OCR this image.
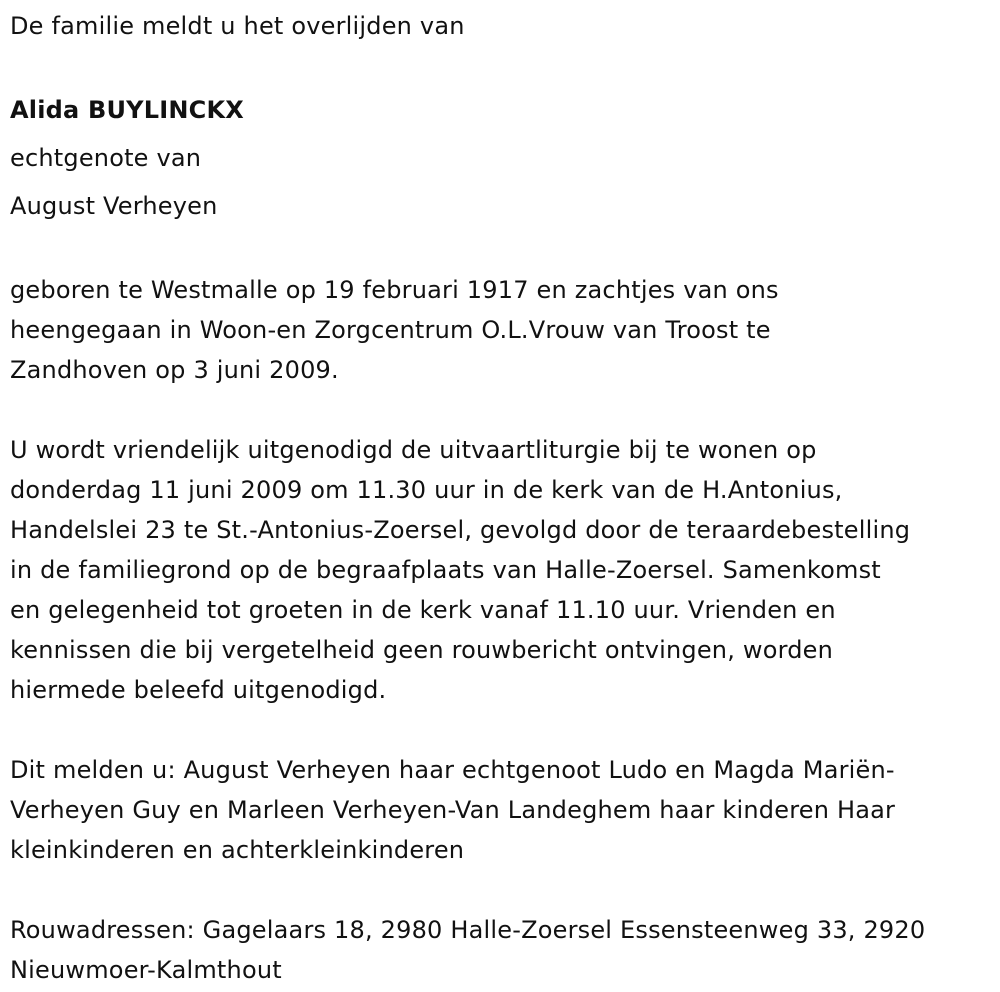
De familie meldt u het overlijden van

Alida BUYLINCKX

echtgenote van

August Verheyen

geboren te Westmalle op 19 februari 1917 en zachtjes van ons

heengegaan in Woon-en Zorgcentrum O.L.Vrouw van Troost te

Zandhoven op 3 juni 2009.

U wordt vriendelijk uitgenodigd de uitvaartliturgie bij te wonen op

donderdag 11 juni 2009 om 11.30 uur in de kerk van de H.Antonius,

Handelslei 23 te St.-Antonius-Zoersel, gevolgd door de teraardebestelling

in de familiegrond op de begraafplaats van Halle-Zoersel. Samenkomst

en gelegenheid tot groeten in de kerk vanaf 11.10 uur. Vrienden en

kennissen die bij vergetelheid geen rouwbericht ontvingen, worden

hiermede beleefd uitgenodigd.

Dit melden u: August Verheyen haar echtgenoot Ludo en Magda Mariën-

Verheyen Guy en Marleen Verheyen-Van Landeghem haar kinderen Haar

kleinkinderen en achterkleinkinderen

Rouwadressen: Gagelaars 18, 2980 Halle-Zoersel Essensteenweg 33, 2920

Nieuwmoer-Kalmthout
